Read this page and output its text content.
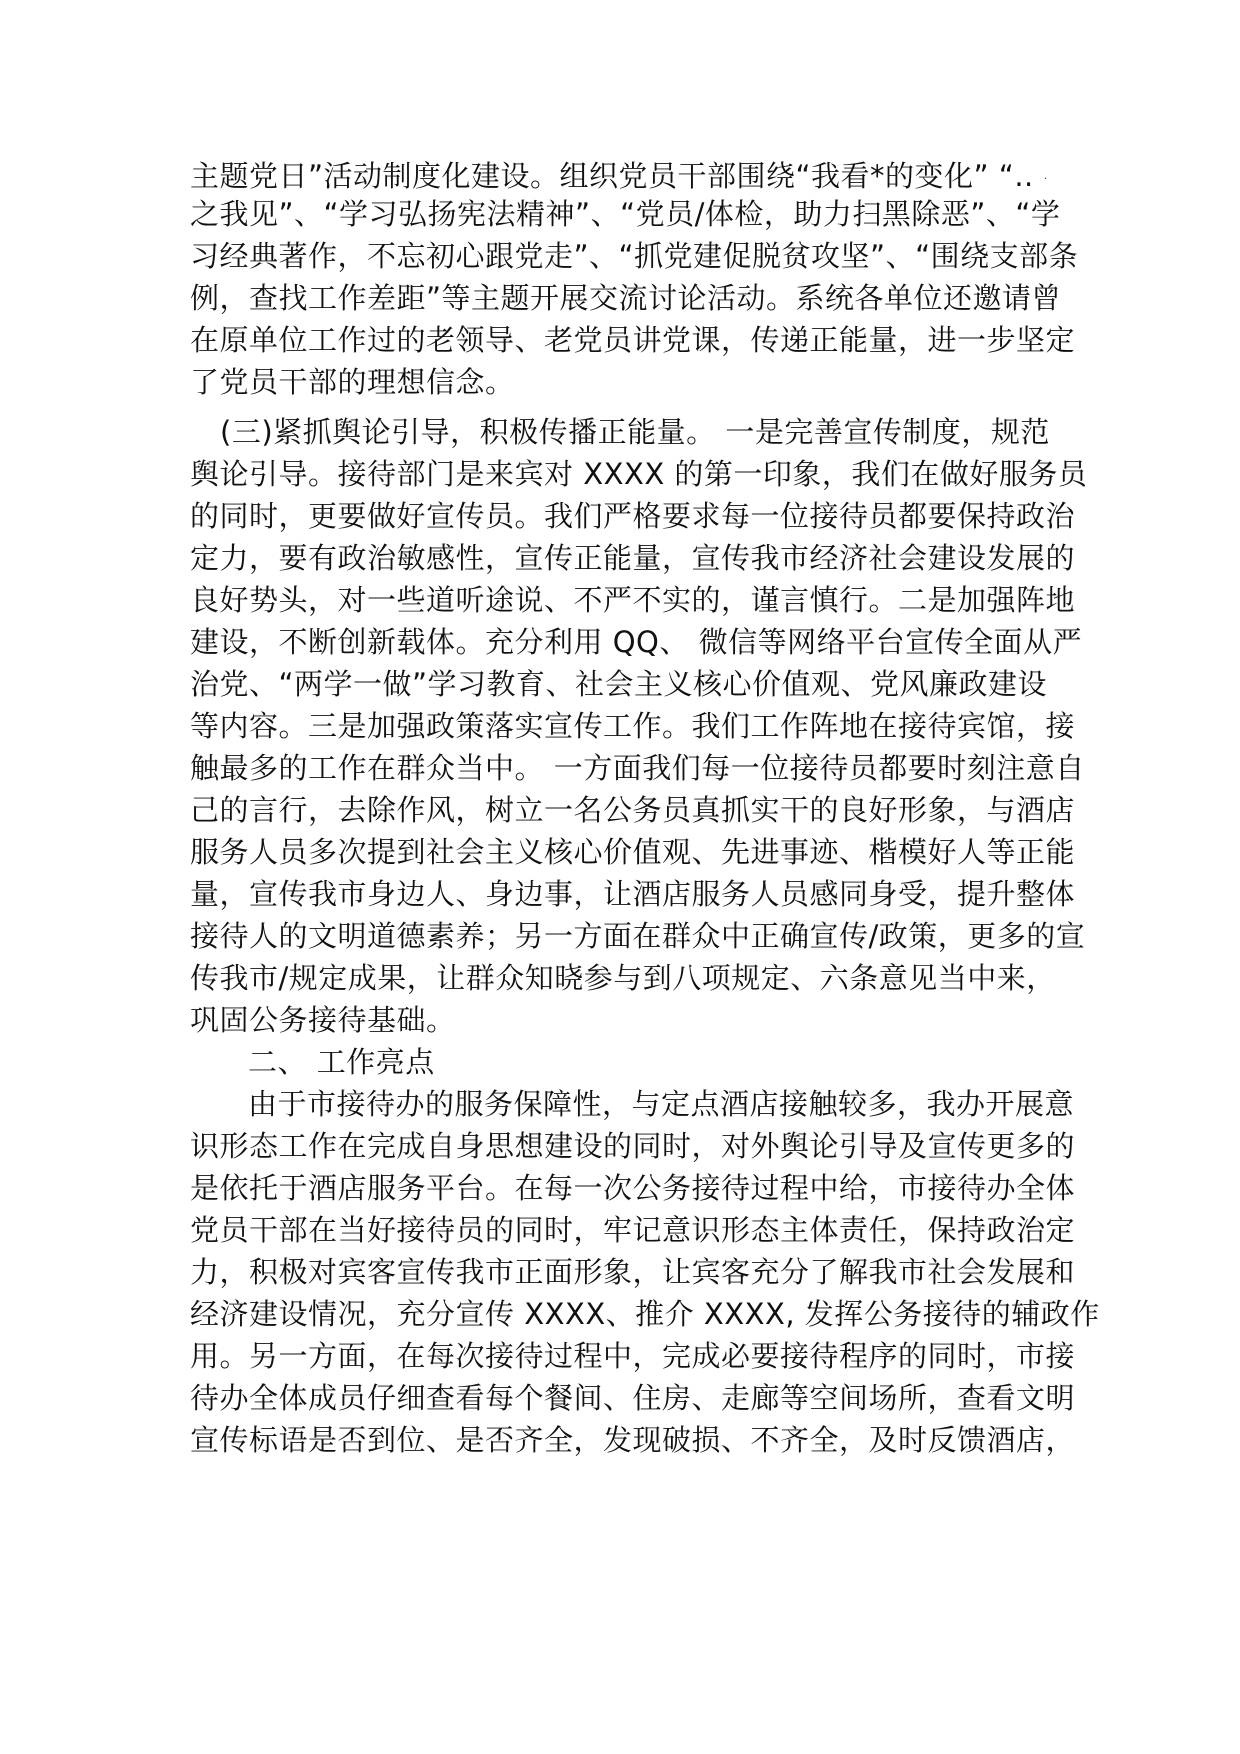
主题党日”活动制度化建设。组织党员干部围绕“我看*的变化” “..
之我见”、“学习弘扬宪法精神”、“党员/体检，助力扫黑除恶”、“学
习经典著作，不忘初心跟党走”、“抓党建促脱贫攻坚”、“围绕支部条
例，查找工作差距”等主题开展交流讨论活动。系统各单位还邀请曾
在原单位工作过的老领导、老党员讲党课，传递正能量，进一步坚定
了党员干部的理想信念。
(三)紧抓舆论引导，积极传播正能量。 一是完善宣传制度，规范
舆论引导。接待部门是来宾对 XXXX 的第一印象，我们在做好服务员
的同时，更要做好宣传员。我们严格要求每一位接待员都要保持政治
定力，要有政治敏感性，宣传正能量，宣传我市经济社会建设发展的
良好势头，对一些道听途说、不严不实的，谨言慎行。二是加强阵地
建设，不断创新载体。充分利用 QQ、 微信等网络平台宣传全面从严
治党、“两学一做”学习教育、社会主义核心价值观、党风廉政建设
等内容。三是加强政策落实宣传工作。我们工作阵地在接待宾馆，接
触最多的工作在群众当中。 一方面我们每一位接待员都要时刻注意自
己的言行，去除作风，树立一名公务员真抓实干的良好形象，与酒店
服务人员多次提到社会主义核心价值观、先进事迹、楷模好人等正能
量，宣传我市身边人、身边事，让酒店服务人员感同身受，提升整体
接待人的文明道德素养；另一方面在群众中正确宣传/政策，更多的宣
传我市/规定成果，让群众知晓参与到八项规定、六条意见当中来，
巩固公务接待基础。
二、 工作亮点
由于市接待办的服务保障性，与定点酒店接触较多，我办开展意
识形态工作在完成自身思想建设的同时，对外舆论引导及宣传更多的
是依托于酒店服务平台。在每一次公务接待过程中给，市接待办全体
党员干部在当好接待员的同时，牢记意识形态主体责任，保持政治定
力，积极对宾客宣传我市正面形象，让宾客充分了解我市社会发展和
经济建设情况，充分宣传 XXXX、推介 XXXX, 发挥公务接待的辅政作
用。另一方面，在每次接待过程中，完成必要接待程序的同时，市接
待办全体成员仔细查看每个餐间、住房、走廊等空间场所，查看文明
宣传标语是否到位、是否齐全，发现破损、不齐全，及时反馈酒店，
·
